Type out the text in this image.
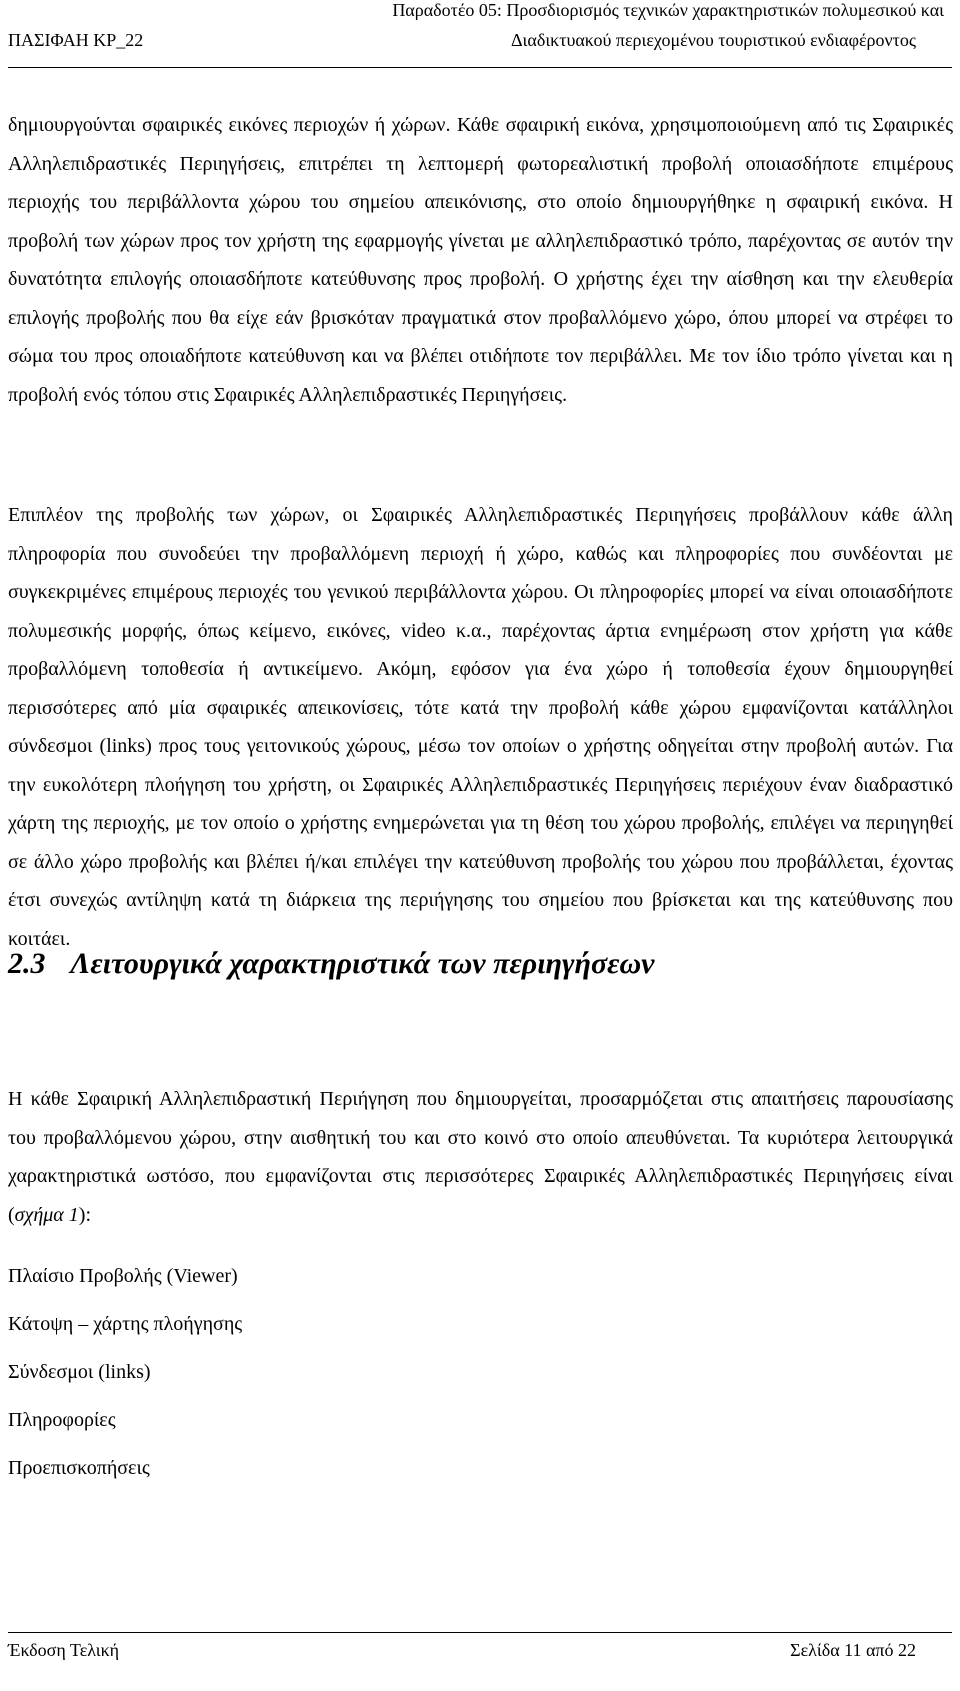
Παραδοτέο 05: Προσδιορισμός τεχνικών χαρακτηριστικών πολυμεσικού και
ΠΑΣΙΦΑΗ ΚΡ_22	Διαδικτυακού περιεχομένου τουριστικού ενδιαφέροντος

δημιουργούνται σφαιρικές εικόνες περιοχών ή χώρων. Κάθε σφαιρική εικόνα, χρησιμοποιούμενη από τις Σφαιρικές Αλληλεπιδραστικές Περιηγήσεις, επιτρέπει τη λεπτομερή φωτορεαλιστική προβολή οποιασδήποτε επιμέρους περιοχής του περιβάλλοντα χώρου του σημείου απεικόνισης, στο οποίο δημιουργήθηκε η σφαιρική εικόνα. Η προβολή των χώρων προς τον χρήστη της εφαρμογής γίνεται με αλληλεπιδραστικό τρόπο, παρέχοντας σε αυτόν την δυνατότητα επιλογής οποιασδήποτε κατεύθυνσης προς προβολή. Ο χρήστης έχει την αίσθηση και την ελευθερία επιλογής προβολής που θα είχε εάν βρισκόταν πραγματικά στον προβαλλόμενο χώρο, όπου μπορεί να στρέφει το σώμα του προς οποιαδήποτε κατεύθυνση και να βλέπει οτιδήποτε τον περιβάλλει. Με τον ίδιο τρόπο γίνεται και η προβολή ενός τόπου στις Σφαιρικές Αλληλεπιδραστικές Περιηγήσεις.

Επιπλέον της προβολής των χώρων, οι Σφαιρικές Αλληλεπιδραστικές Περιηγήσεις προβάλλουν κάθε άλλη πληροφορία που συνοδεύει την προβαλλόμενη περιοχή ή χώρο, καθώς και πληροφορίες που συνδέονται με συγκεκριμένες επιμέρους περιοχές του γενικού περιβάλλοντα χώρου. Οι πληροφορίες μπορεί να είναι οποιασδήποτε πολυμεσικής μορφής, όπως κείμενο, εικόνες, video κ.α., παρέχοντας άρτια ενημέρωση στον χρήστη για κάθε προβαλλόμενη τοποθεσία ή αντικείμενο. Ακόμη, εφόσον για ένα χώρο ή τοποθεσία έχουν δημιουργηθεί περισσότερες από μία σφαιρικές απεικονίσεις, τότε κατά την προβολή κάθε χώρου εμφανίζονται κατάλληλοι σύνδεσμοι (links) προς τους γειτονικούς χώρους, μέσω τον οποίων ο χρήστης οδηγείται στην προβολή αυτών. Για την ευκολότερη πλοήγηση του χρήστη, οι Σφαιρικές Αλληλεπιδραστικές Περιηγήσεις περιέχουν έναν διαδραστικό χάρτη της περιοχής, με τον οποίο ο χρήστης ενημερώνεται για τη θέση του χώρου προβολής, επιλέγει να περιηγηθεί σε άλλο χώρο προβολής και βλέπει ή/και επιλέγει την κατεύθυνση προβολής του χώρου που προβάλλεται, έχοντας έτσι συνεχώς αντίληψη κατά τη διάρκεια της περιήγησης του σημείου που βρίσκεται και της κατεύθυνσης που κοιτάει.

2.3 Λειτουργικά χαρακτηριστικά των περιηγήσεων

Η κάθε Σφαιρική Αλληλεπιδραστική Περιήγηση που δημιουργείται, προσαρμόζεται στις απαιτήσεις παρουσίασης του προβαλλόμενου χώρου, στην αισθητική του και στο κοινό στο οποίο απευθύνεται. Τα κυριότερα λειτουργικά χαρακτηριστικά ωστόσο, που εμφανίζονται στις περισσότερες Σφαιρικές Αλληλεπιδραστικές Περιηγήσεις είναι (σχήμα 1):

Πλαίσιο Προβολής (Viewer)
Κάτοψη – χάρτης πλοήγησης
Σύνδεσμοι (links)
Πληροφορίες
Προεπισκοπήσεις
Έκδοση Τελική	Σελίδα 11 από 22
